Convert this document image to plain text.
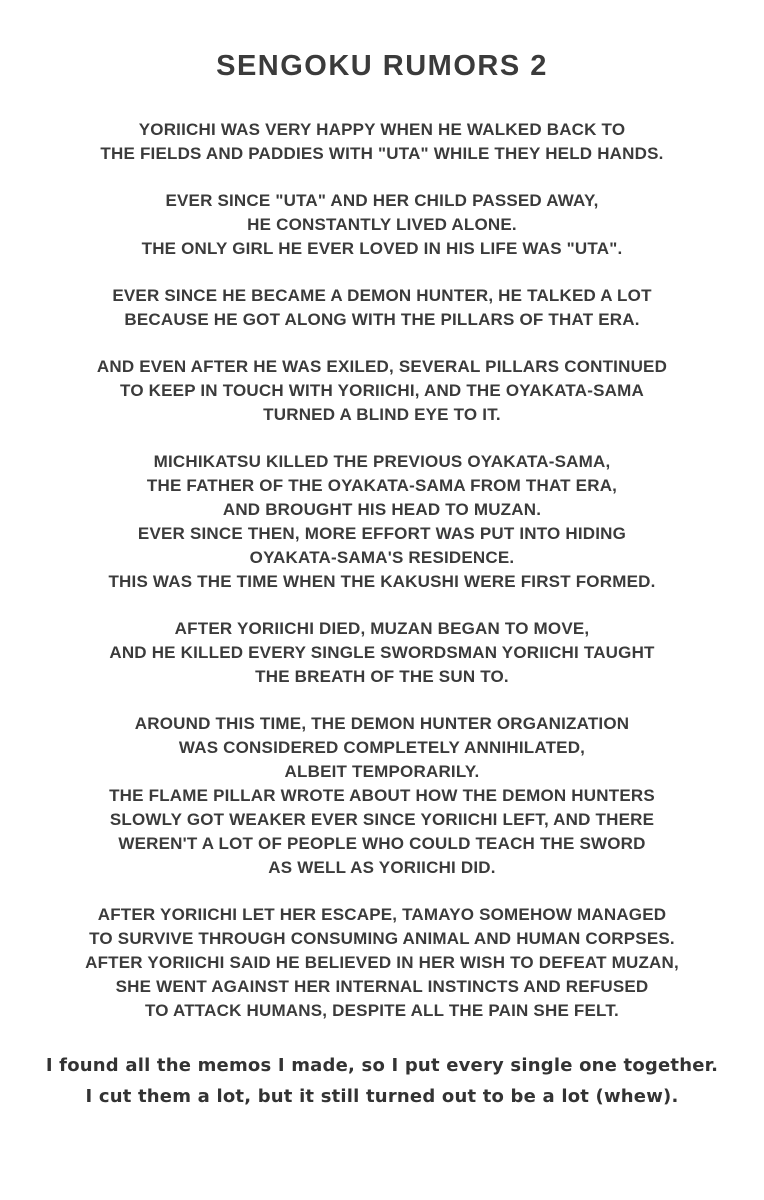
SENGOKU RUMORS 2

YORIICHI WAS VERY HAPPY WHEN HE WALKED BACK TO
THE FIELDS AND PADDIES WITH "UTA" WHILE THEY HELD HANDS.

EVER SINCE "UTA" AND HER CHILD PASSED AWAY,
HE CONSTANTLY LIVED ALONE.
THE ONLY GIRL HE EVER LOVED IN HIS LIFE WAS "UTA".

EVER SINCE HE BECAME A DEMON HUNTER, HE TALKED A LOT
BECAUSE HE GOT ALONG WITH THE PILLARS OF THAT ERA.

AND EVEN AFTER HE WAS EXILED, SEVERAL PILLARS CONTINUED
TO KEEP IN TOUCH WITH YORIICHI, AND THE OYAKATA-SAMA
TURNED A BLIND EYE TO IT.

MICHIKATSU KILLED THE PREVIOUS OYAKATA-SAMA,
THE FATHER OF THE OYAKATA-SAMA FROM THAT ERA,
AND BROUGHT HIS HEAD TO MUZAN.
EVER SINCE THEN, MORE EFFORT WAS PUT INTO HIDING
OYAKATA-SAMA'S RESIDENCE.
THIS WAS THE TIME WHEN THE KAKUSHI WERE FIRST FORMED.

AFTER YORIICHI DIED, MUZAN BEGAN TO MOVE,
AND HE KILLED EVERY SINGLE SWORDSMAN YORIICHI TAUGHT
THE BREATH OF THE SUN TO.

AROUND THIS TIME, THE DEMON HUNTER ORGANIZATION
WAS CONSIDERED COMPLETELY ANNIHILATED,
ALBEIT TEMPORARILY.
THE FLAME PILLAR WROTE ABOUT HOW THE DEMON HUNTERS
SLOWLY GOT WEAKER EVER SINCE YORIICHI LEFT, AND THERE
WEREN'T A LOT OF PEOPLE WHO COULD TEACH THE SWORD
AS WELL AS YORIICHI DID.

AFTER YORIICHI LET HER ESCAPE, TAMAYO SOMEHOW MANAGED
TO SURVIVE THROUGH CONSUMING ANIMAL AND HUMAN CORPSES.
AFTER YORIICHI SAID HE BELIEVED IN HER WISH TO DEFEAT MUZAN,
SHE WENT AGAINST HER INTERNAL INSTINCTS AND REFUSED
TO ATTACK HUMANS, DESPITE ALL THE PAIN SHE FELT.

I found all the memos I made, so I put every single one together.
I cut them a lot, but it still turned out to be a lot (whew).
